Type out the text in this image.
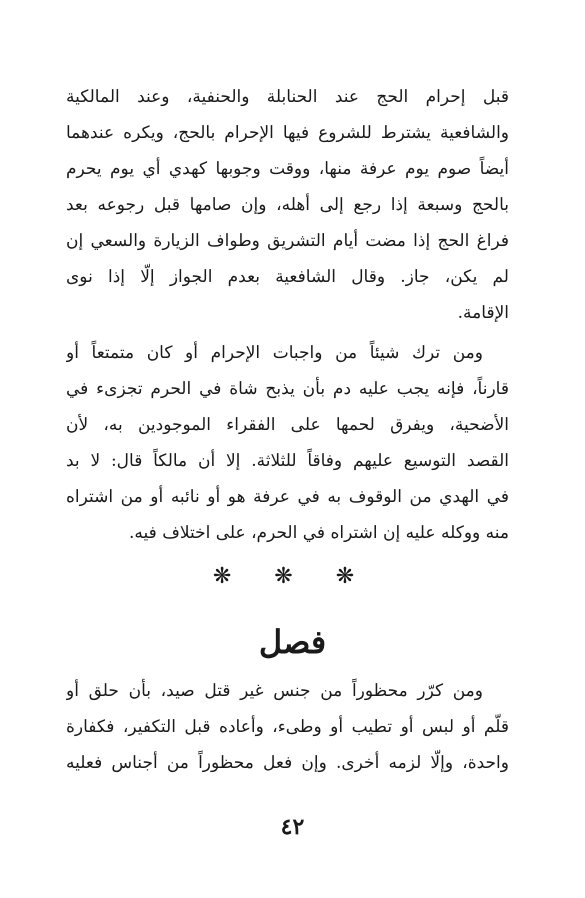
قبل إحرام الحج عند الحنابلة والحنفية، وعند المالكية
والشافعية يشترط للشروع فيها الإحرام بالحج، ويكره عندهما
أيضاً صوم يوم عرفة منها، ووقت وجوبها كهدي أي يوم يحرم
بالحج وسبعة إذا رجع إلى أهله، وإن صامها قبل رجوعه بعد
فراغ الحج إذا مضت أيام التشريق وطواف الزيارة والسعي إن
لم يكن، جاز. وقال الشافعية بعدم الجواز إلّا إذا نوى
الإقامة.
ومن ترك شيئاً من واجبات الإحرام أو كان متمتعاً أو
قارناً، فإنه يجب عليه دم بأن يذبح شاة في الحرم تجزىء في
الأضحية، ويفرق لحمها على الفقراء الموجودين به، لأن
القصد التوسيع عليهم وفاقاً للثلاثة. إلا أن مالكاً قال: لا بد
في الهدي من الوقوف به في عرفة هو أو نائبه أو من اشتراه
منه ووكله عليه إن اشتراه في الحرم، على اختلاف فيه.
❋ ❋ ❋
فصل
ومن كرّر محظوراً من جنس غير قتل صيد، بأن حلق أو
قلّم أو لبس أو تطيب أو وطىء، وأعاده قبل التكفير، فكفارة
واحدة، وإلّا لزمه أخرى. وإن فعل محظوراً من أجناس فعليه
٤٢
